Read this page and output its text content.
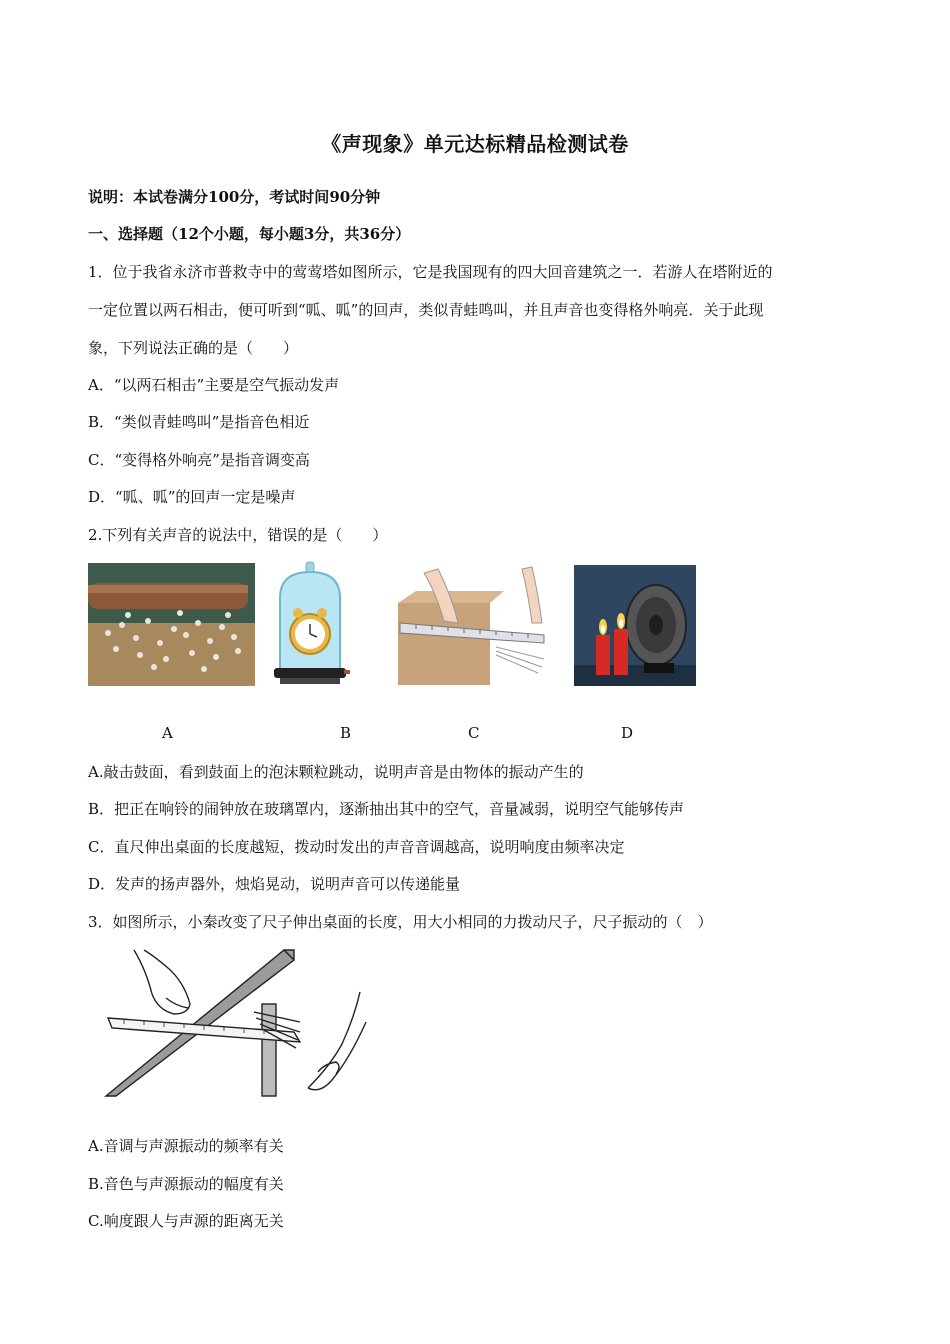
《声现象》单元达标精品检测试卷
说明：本试卷满分100分，考试时间90分钟
一、选择题（12个小题，每小题3分，共36分）
1．位于我省永济市普救寺中的莺莺塔如图所示，它是我国现有的四大回音建筑之一．若游人在塔附近的
一定位置以两石相击，便可听到“呱、呱”的回声，类似青蛙鸣叫，并且声音也变得格外响亮．关于此现
象，下列说法正确的是（　　）
A．“以两石相击”主要是空气振动发声
B．“类似青蛙鸣叫”是指音色相近
C．“变得格外响亮”是指音调变高
D．“呱、呱”的回声一定是噪声
2.下列有关声音的说法中，错误的是（　　）
A	B	C	D
A.敲击鼓面，看到鼓面上的泡沫颗粒跳动，说明声音是由物体的振动产生的
B．把正在响铃的闹钟放在玻璃罩内，逐渐抽出其中的空气，音量减弱，说明空气能够传声
C．直尺伸出桌面的长度越短，拨动时发出的声音音调越高，说明响度由频率决定
D．发声的扬声器外，烛焰晃动，说明声音可以传递能量
3．如图所示，小秦改变了尺子伸出桌面的长度，用大小相同的力拨动尺子，尺子振动的（　）
A.音调与声源振动的频率有关
B.音色与声源振动的幅度有关
C.响度跟人与声源的距离无关
